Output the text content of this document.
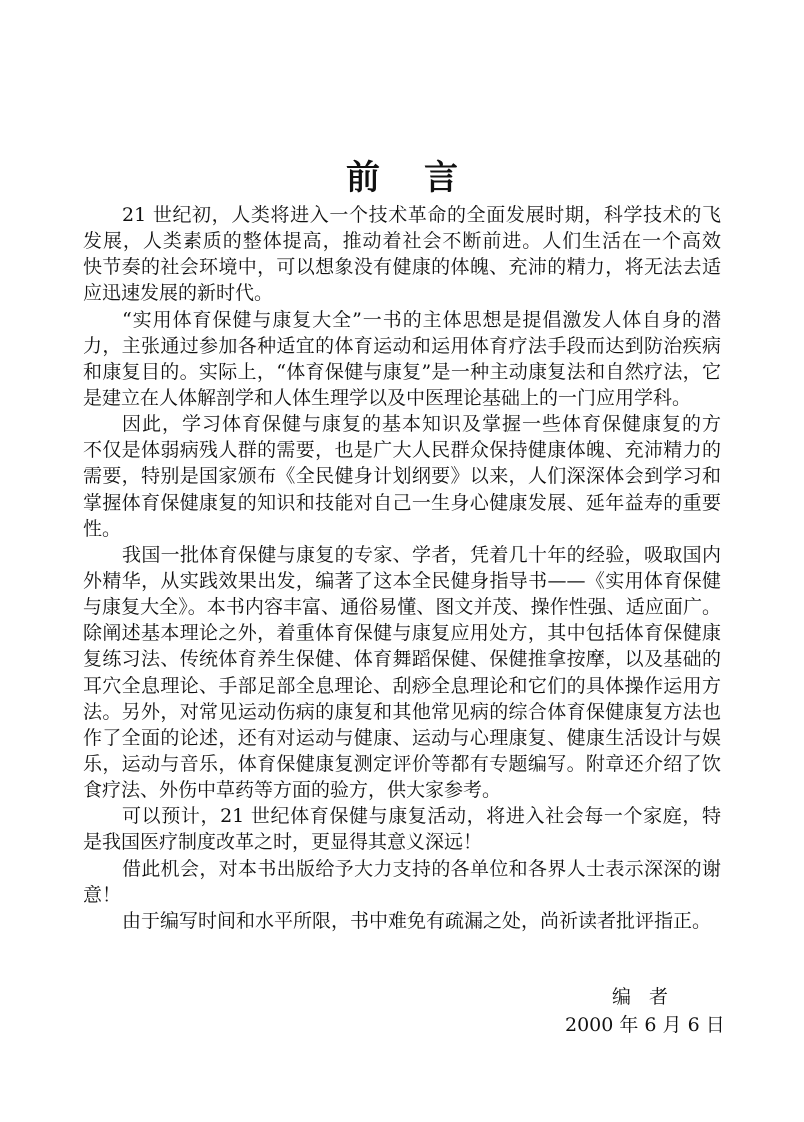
前言
21 世纪初，人类将进入一个技术革命的全面发展时期，科学技术的飞
发展，人类素质的整体提高，推动着社会不断前进。人们生活在一个高效
快节奏的社会环境中，可以想象没有健康的体魄、充沛的精力，将无法去适
应迅速发展的新时代。
“实用体育保健与康复大全”一书的主体思想是提倡激发人体自身的潜
力，主张通过参加各种适宜的体育运动和运用体育疗法手段而达到防治疾病
和康复目的。实际上，“体育保健与康复”是一种主动康复法和自然疗法，它
是建立在人体解剖学和人体生理学以及中医理论基础上的一门应用学科。
因此，学习体育保健与康复的基本知识及掌握一些体育保健康复的方
不仅是体弱病残人群的需要，也是广大人民群众保持健康体魄、充沛精力的
需要，特别是国家颁布《全民健身计划纲要》以来，人们深深体会到学习和
掌握体育保健康复的知识和技能对自己一生身心健康发展、延年益寿的重要
性。
我国一批体育保健与康复的专家、学者，凭着几十年的经验，吸取国内
外精华，从实践效果出发，编著了这本全民健身指导书——《实用体育保健
与康复大全》。本书内容丰富、通俗易懂、图文并茂、操作性强、适应面广。
除阐述基本理论之外，着重体育保健与康复应用处方，其中包括体育保健康
复练习法、传统体育养生保健、体育舞蹈保健、保健推拿按摩，以及基础的
耳穴全息理论、手部足部全息理论、刮痧全息理论和它们的具体操作运用方
法。另外，对常见运动伤病的康复和其他常见病的综合体育保健康复方法也
作了全面的论述，还有对运动与健康、运动与心理康复、健康生活设计与娱
乐，运动与音乐，体育保健康复测定评价等都有专题编写。附章还介绍了饮
食疗法、外伤中草药等方面的验方，供大家参考。
可以预计，21 世纪体育保健与康复活动，将进入社会每一个家庭，特
是我国医疗制度改革之时，更显得其意义深远！
借此机会，对本书出版给予大力支持的各单位和各界人士表示深深的谢
意！
由于编写时间和水平所限，书中难免有疏漏之处，尚祈读者批评指正。
编者
2000 年 6 月 6 日
